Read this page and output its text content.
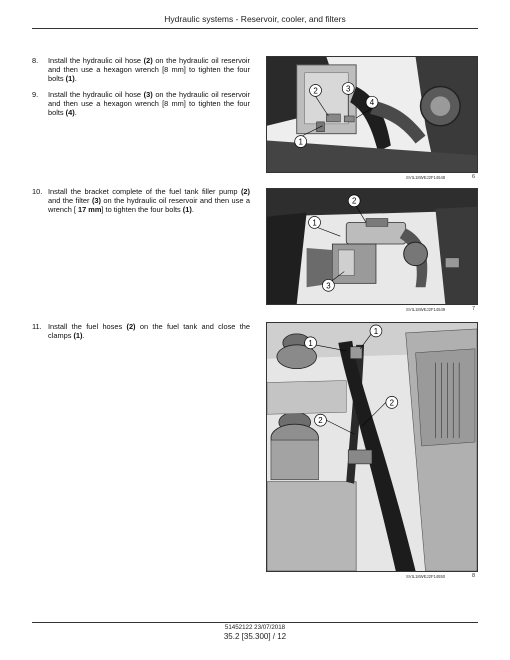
Hydraulic systems - Reservoir, cooler, and filters
8.	Install the hydraulic oil hose (2) on the hydraulic oil reservoir and then use a hexagon wrench [8 mm] to tighten the four bolts (1).
9.	Install the hydraulic oil hose (3) on the hydraulic oil reservoir and then use a hexagon wrench [8 mm] to tighten the four bolts (4).
10. Install the bracket complete of the fuel tank filler pump (2) and the filter (3) on the hydraulic oil reservoir and then use a wrench [ 17 mm] to tighten the four bolts (1).
11. Install the fuel hoses (2) on the fuel tank and close the clamps (1).
2	3
4
1
SVIL18WEJ2F14548	6
1
2
3
SVIL18WEJ2F14549	7
1
1
2
2
SVIL18WEJ2F14550	8
51452122 23/07/2018
35.2 [35.300] / 12
